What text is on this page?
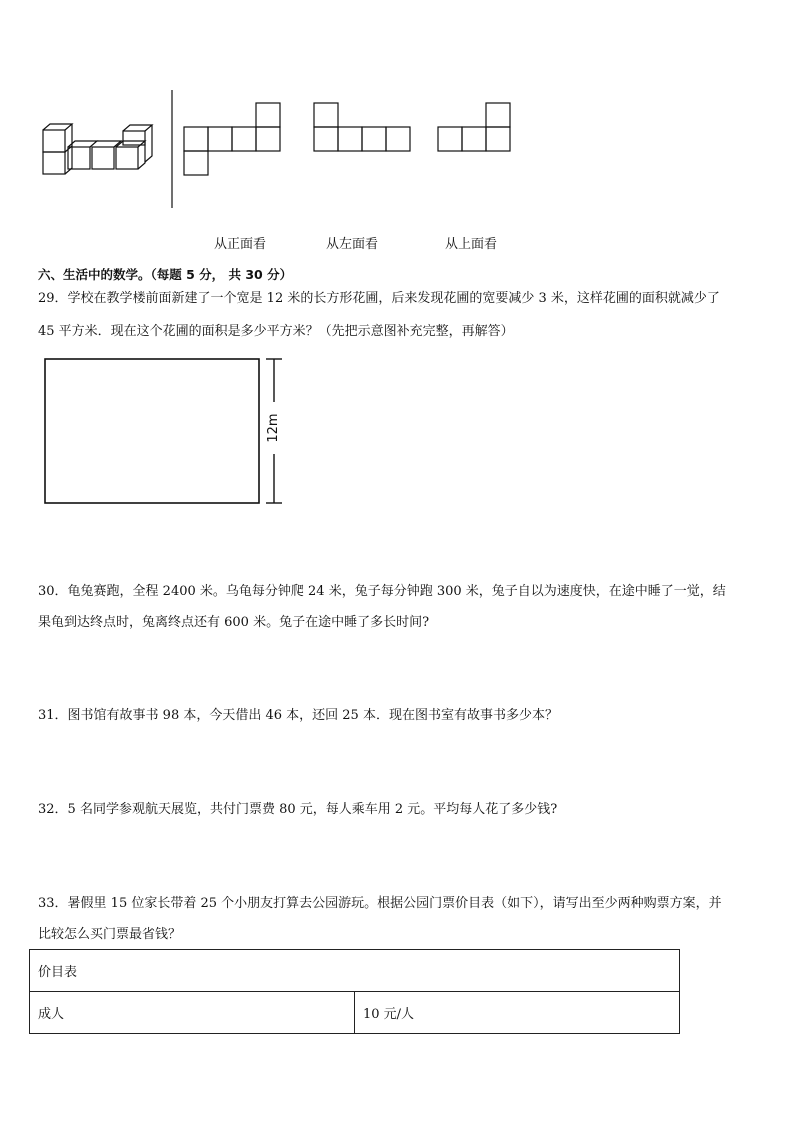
12m
从正面看	从左面看	从上面看
六、生活中的数学。（每题 5 分， 共 30 分）
29．学校在教学楼前面新建了一个宽是 12 米的长方形花圃，后来发现花圃的宽要减少 3 米，这样花圃的面积就减少了
45 平方米．现在这个花圃的面积是多少平方米？（先把示意图补充完整，再解答）
30．龟兔赛跑，全程 2400 米。乌龟每分钟爬 24 米，兔子每分钟跑 300 米，兔子自以为速度快，在途中睡了一觉，结
果龟到达终点时，兔离终点还有 600 米。兔子在途中睡了多长时间?
31．图书馆有故事书 98 本，今天借出 46 本，还回 25 本．现在图书室有故事书多少本？
32．5 名同学参观航天展览，共付门票费 80 元，每人乘车用 2 元。平均每人花了多少钱?
33．暑假里 15 位家长带着 25 个小朋友打算去公园游玩。根据公园门票价目表（如下），请写出至少两种购票方案，并
比较怎么买门票最省钱？
价目表
成人	10 元/人
